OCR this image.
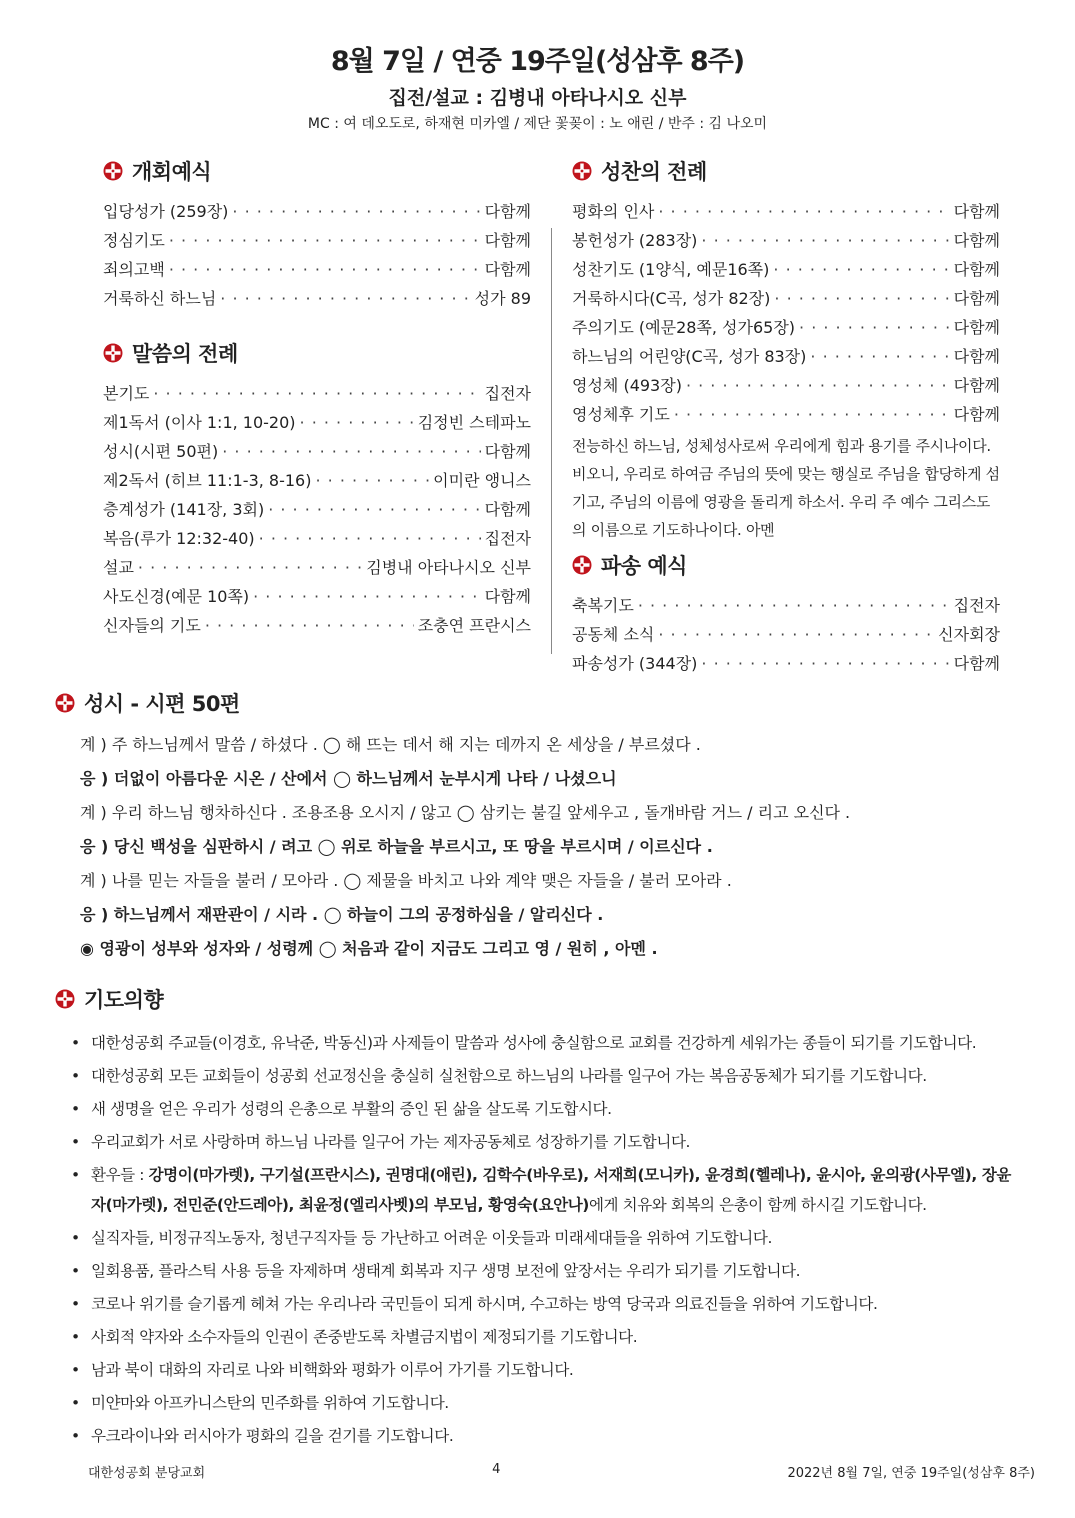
8월 7일 / 연중 19주일(성삼후 8주)
집전/설교 : 김병내 아타나시오 신부
MC : 여 데오도로, 하재현 미카엘 / 제단 꽃꽂이 : 노 애린 / 반주 : 김 나오미
개회예식
입당성가 (259장) · · ·	다함께
정심기도 · · ·	다함께
죄의고백 · · ·	다함께
거룩하신 하느님 · · ·	성가 89
말씀의 전례
본기도 · · ·	집전자
제1독서 (이사 1:1, 10-20) · · ·	김정빈 스테파노
성시(시편 50편) · · ·	다함께
제2독서 (히브 11:1-3, 8-16) · · ·	이미란 앵니스
층계성가 (141장, 3회) · · ·	다함께
복음(루가 12:32-40) · · ·	집전자
설교 · · ·	김병내 아타나시오 신부
사도신경(예문 10쪽) · · ·	다함께
신자들의 기도 · · ·	조충연 프란시스
성찬의 전례
평화의 인사 · · ·	다함께
봉헌성가 (283장) · · ·	다함께
성찬기도 (1양식, 예문16쪽) · · ·	다함께
거룩하시다(C곡, 성가 82장) · · ·	다함께
주의기도 (예문28쪽, 성가65장) · · ·	다함께
하느님의 어린양(C곡, 성가 83장) · · ·	다함께
영성체 (493장) · · ·	다함께
영성체후 기도 · · ·	다함께
전능하신 하느님, 성체성사로써 우리에게 힘과 용기를 주시나이다. 비오니, 우리로 하여금 주님의 뜻에 맞는 행실로 주님을 합당하게 섬기고, 주님의 이름에 영광을 돌리게 하소서. 우리 주 예수 그리스도의 이름으로 기도하나이다. 아멘
파송 예식
축복기도 · · ·	집전자
공동체 소식 · · ·	신자회장
파송성가 (344장) · · ·	다함께
성시 - 시편 50편
계 ) 주 하느님께서 말씀 / 하셨다 . ◯ 해 뜨는 데서 해 지는 데까지 온 세상을 / 부르셨다 .
응 ) 더없이 아름다운 시온 / 산에서 ◯ 하느님께서 눈부시게 나타 / 나셨으니
계 ) 우리 하느님 행차하신다 . 조용조용 오시지 / 않고 ◯ 삼키는 불길 앞세우고 , 돌개바람 거느 / 리고 오신다 .
응 ) 당신 백성을 심판하시 / 려고 ◯ 위로 하늘을 부르시고, 또 땅을 부르시며 / 이르신다 .
계 ) 나를 믿는 자들을 불러 / 모아라 . ◯ 제물을 바치고 나와 계약 맺은 자들을 / 불러 모아라 .
응 ) 하느님께서 재판관이 / 시라 . ◯ 하늘이 그의 공정하심을 / 알리신다 .
◉ 영광이 성부와 성자와 / 성령께 ◯ 처음과 같이 지금도 그리고 영 / 원히 , 아멘 .
기도의향
• 대한성공회 주교들(이경호, 유낙준, 박동신)과 사제들이 말씀과 성사에 충실함으로 교회를 건강하게 세워가는 종들이 되기를 기도합니다.
• 대한성공회 모든 교회들이 성공회 선교정신을 충실히 실천함으로 하느님의 나라를 일구어 가는 복음공동체가 되기를 기도합니다.
• 새 생명을 얻은 우리가 성령의 은총으로 부활의 증인 된 삶을 살도록 기도합시다.
• 우리교회가 서로 사랑하며 하느님 나라를 일구어 가는 제자공동체로 성장하기를 기도합니다.
• 환우들 : 강명이(마가렛), 구기설(프란시스), 권명대(애린), 김학수(바우로), 서재희(모니카), 윤경희(헬레나), 윤시아, 윤의광(사무엘), 장윤자(마가렛), 전민준(안드레아), 최윤정(엘리사벳)의 부모님, 황영숙(요안나)에게 치유와 회복의 은총이 함께 하시길 기도합니다.
• 실직자들, 비정규직노동자, 청년구직자들 등 가난하고 어려운 이웃들과 미래세대들을 위하여 기도합니다.
• 일회용품, 플라스틱 사용 등을 자제하며 생태계 회복과 지구 생명 보전에 앞장서는 우리가 되기를 기도합니다.
• 코로나 위기를 슬기롭게 헤쳐 가는 우리나라 국민들이 되게 하시며, 수고하는 방역 당국과 의료진들을 위하여 기도합니다.
• 사회적 약자와 소수자들의 인권이 존중받도록 차별금지법이 제정되기를 기도합니다.
• 남과 북이 대화의 자리로 나와 비핵화와 평화가 이루어 가기를 기도합니다.
• 미얀마와 아프카니스탄의 민주화를 위하여 기도합니다.
• 우크라이나와 러시아가 평화의 길을 걷기를 기도합니다.
대한성공회 분당교회	4	2022년 8월 7일, 연중 19주일(성삼후 8주)
